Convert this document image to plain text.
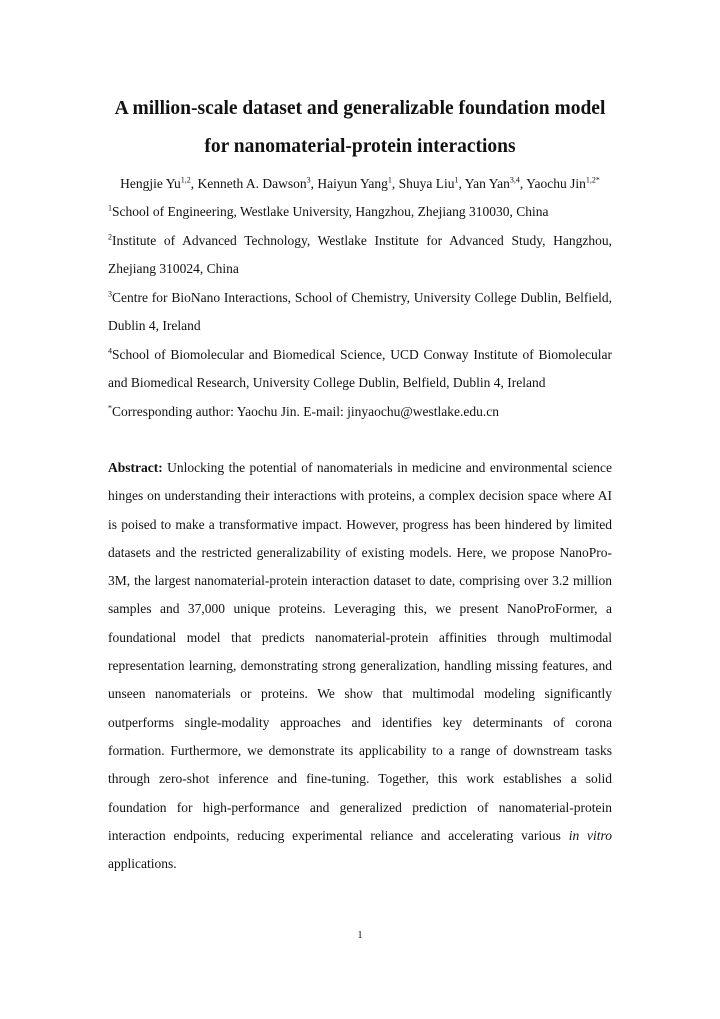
A million-scale dataset and generalizable foundation model
for nanomaterial-protein interactions
Hengjie Yu$^{1,2}$, Kenneth A. Dawson$^3$, Haiyun Yang$^1$, Shuya Liu$^1$, Yan Yan$^{3,4}$, Yaochu Jin$^{1,2*}$

$^1$School of Engineering, Westlake University, Hangzhou, Zhejiang 310030, China

$^2$Institute of Advanced Technology, Westlake Institute for Advanced Study, Hangzhou, Zhejiang 310024, China

$^3$Centre for BioNano Interactions, School of Chemistry, University College Dublin, Belfield, Dublin 4, Ireland

$^4$School of Biomolecular and Biomedical Science, UCD Conway Institute of Biomolecular and Biomedical Research, University College Dublin, Belfield, Dublin 4, Ireland

*Corresponding author: Yaochu Jin. E-mail: jinyaochu@westlake.edu.cn

Abstract: Unlocking the potential of nanomaterials in medicine and environmental science hinges on understanding their interactions with proteins, a complex decision space where AI is poised to make a transformative impact. However, progress has been hindered by limited datasets and the restricted generalizability of existing models. Here, we propose NanoPro-3M, the largest nanomaterial-protein interaction dataset to date, comprising over 3.2 million samples and 37,000 unique proteins. Leveraging this, we present NanoProFormer, a foundational model that predicts nanomaterial-protein affinities through multimodal representation learning, demonstrating strong generalization, handling missing features, and unseen nanomaterials or proteins. We show that multimodal modeling significantly outperforms single-modality approaches and identifies key determinants of corona formation. Furthermore, we demonstrate its applicability to a range of downstream tasks through zero-shot inference and fine-tuning. Together, this work establishes a solid foundation for high-performance and generalized prediction of nanomaterial-protein interaction endpoints, reducing experimental reliance and accelerating various in vitro applications.
1
